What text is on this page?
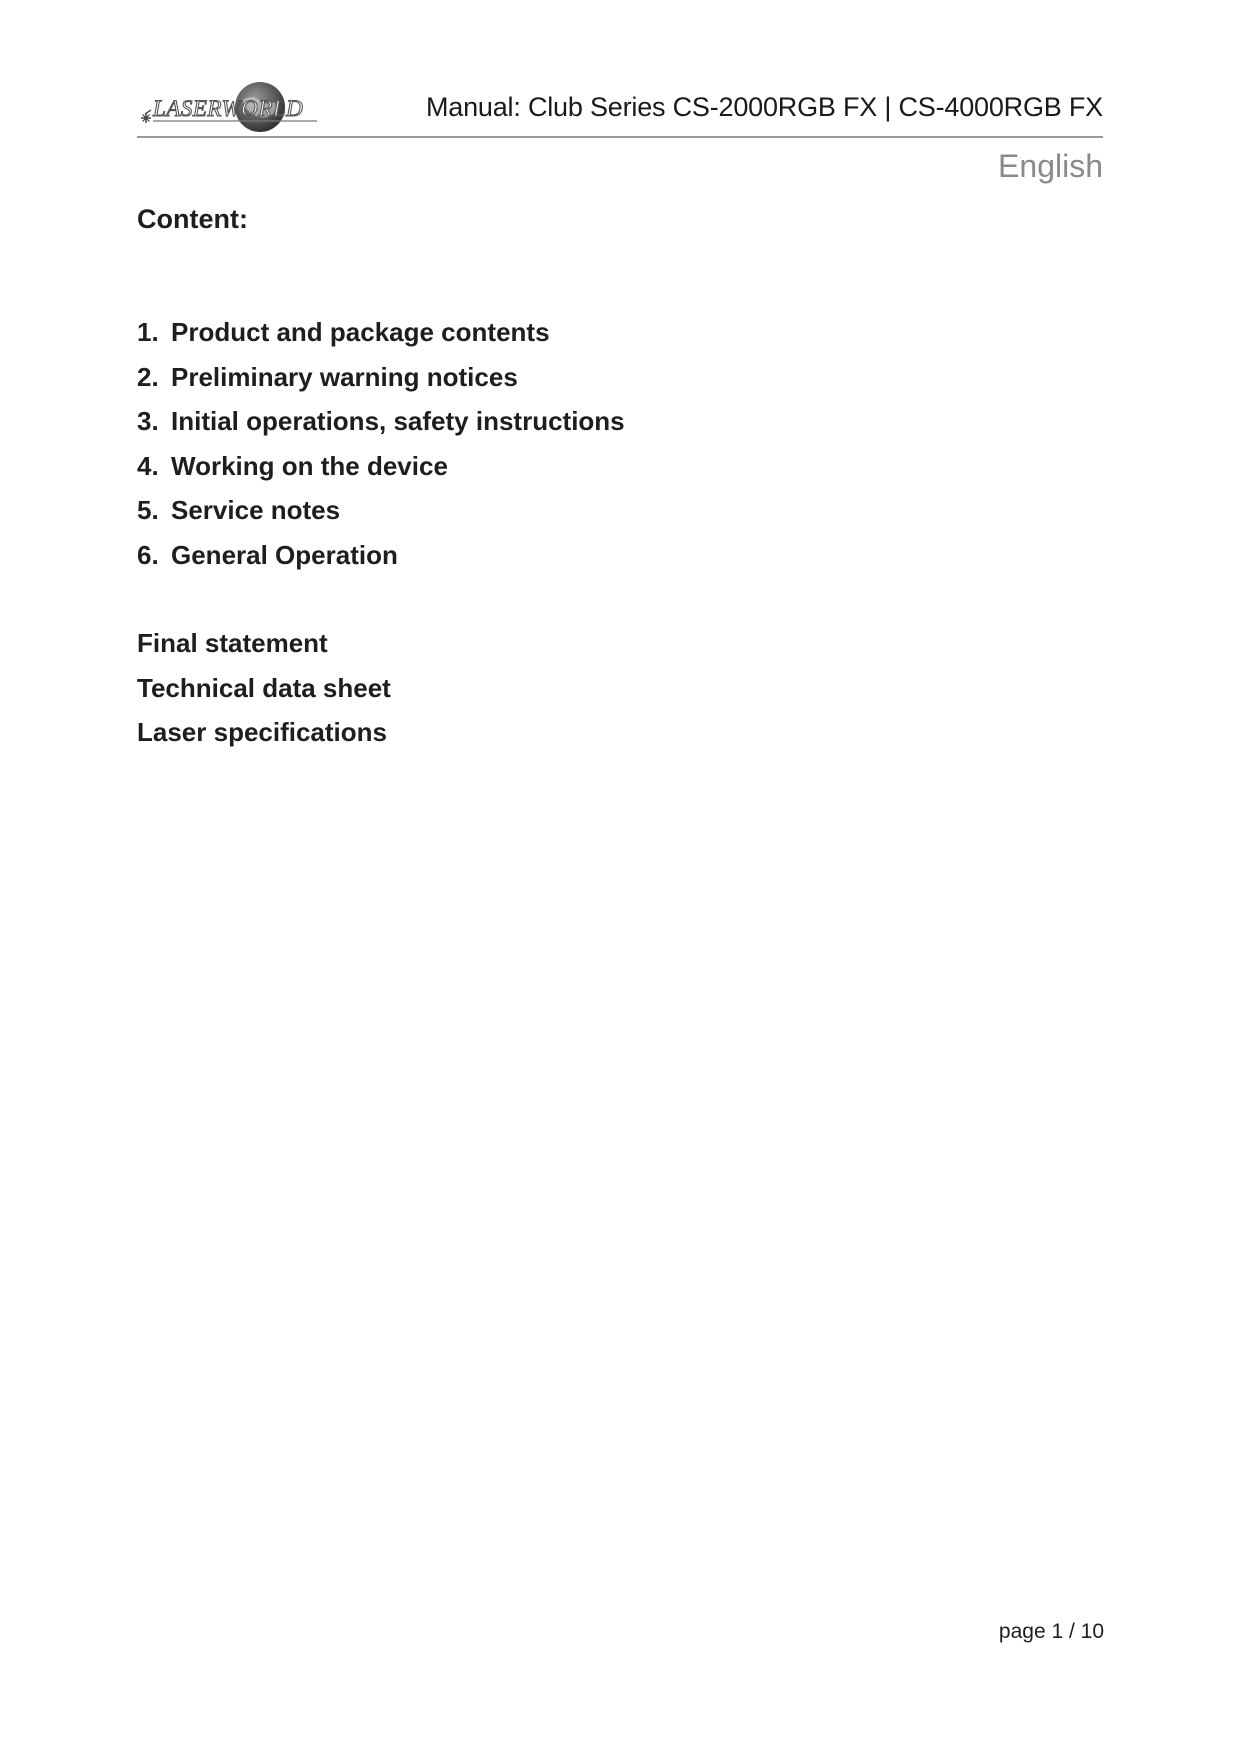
LASERWORLD	Manual: Club Series CS-2000RGB FX | CS-4000RGB FX
English
Content:
1. Product and package contents
2. Preliminary warning notices
3. Initial operations, safety instructions
4. Working on the device
5. Service notes
6. General Operation
Final statement
Technical data sheet
Laser specifications
page 1 / 10
